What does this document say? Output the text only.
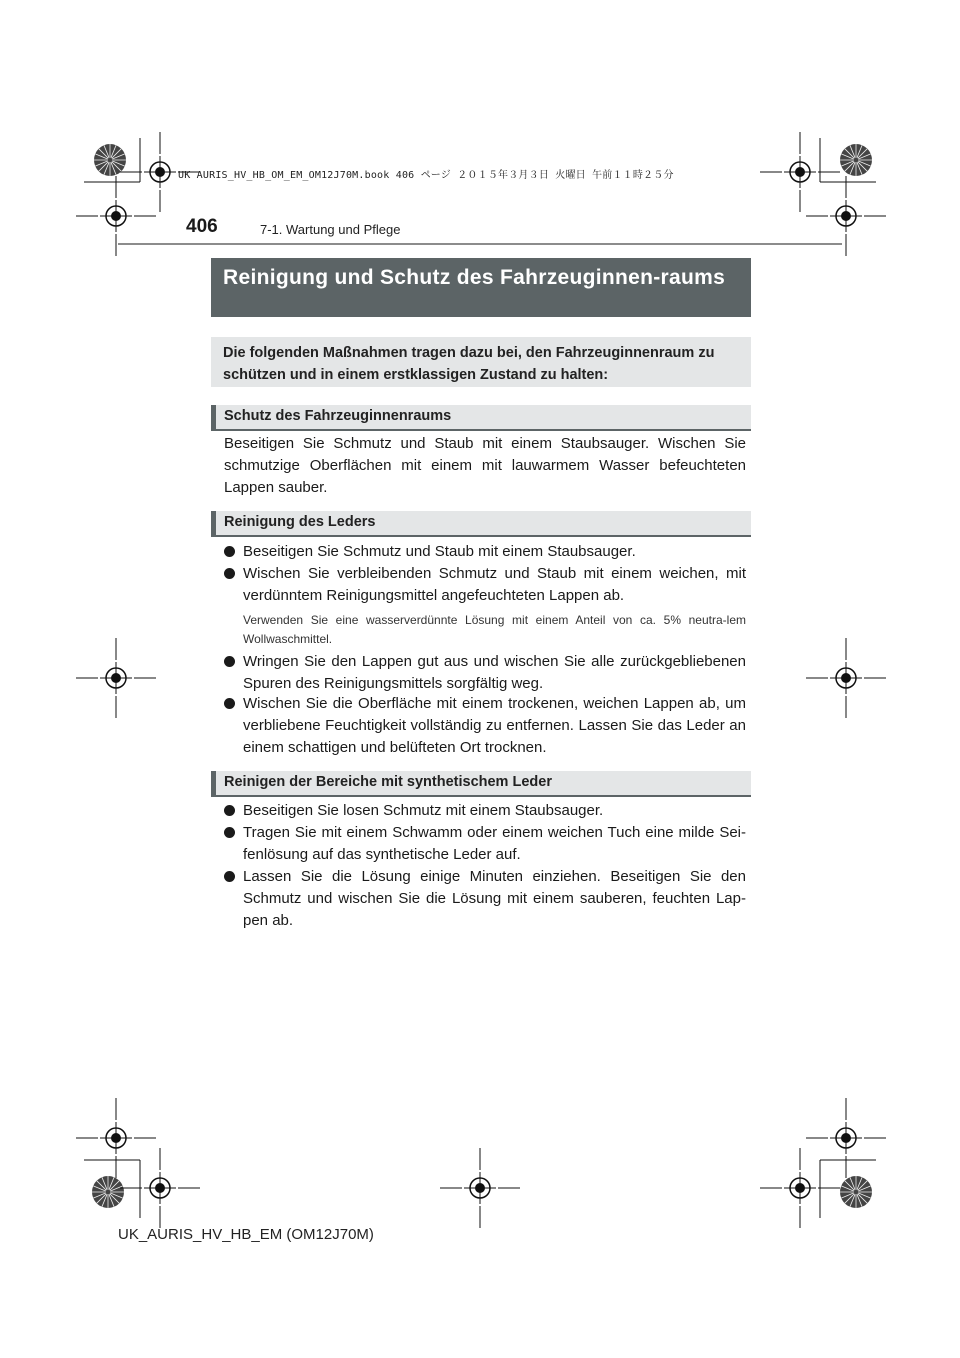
UK AURIS_HV_HB_OM_EM_OM12J70M.book 406 ページ ２０１５年３月３日 火曜日 午前１１時２５分
406	7-1. Wartung und Pflege
Reinigung und Schutz des Fahrzeuginnen-raums
Die folgenden Maßnahmen tragen dazu bei, den Fahrzeuginnenraum zu schützen und in einem erstklassigen Zustand zu halten:
Schutz des Fahrzeuginnenraums
Beseitigen Sie Schmutz und Staub mit einem Staubsauger. Wischen Sie schmutzige Oberflächen mit einem mit lauwarmem Wasser befeuchteten Lappen sauber.
Reinigung des Leders
Beseitigen Sie Schmutz und Staub mit einem Staubsauger.
Wischen Sie verbleibenden Schmutz und Staub mit einem weichen, mit verdünntem Reinigungsmittel angefeuchteten Lappen ab.
Verwenden Sie eine wasserverdünnte Lösung mit einem Anteil von ca. 5% neutra-lem Wollwaschmittel.
Wringen Sie den Lappen gut aus und wischen Sie alle zurückgebliebenen Spuren des Reinigungsmittels sorgfältig weg.
Wischen Sie die Oberfläche mit einem trockenen, weichen Lappen ab, um verbliebene Feuchtigkeit vollständig zu entfernen. Lassen Sie das Leder an einem schattigen und belüfteten Ort trocknen.
Reinigen der Bereiche mit synthetischem Leder
Beseitigen Sie losen Schmutz mit einem Staubsauger.
Tragen Sie mit einem Schwamm oder einem weichen Tuch eine milde Sei-fenlösung auf das synthetische Leder auf.
Lassen Sie die Lösung einige Minuten einziehen. Beseitigen Sie den Schmutz und wischen Sie die Lösung mit einem sauberen, feuchten Lap-pen ab.
UK_AURIS_HV_HB_EM (OM12J70M)
